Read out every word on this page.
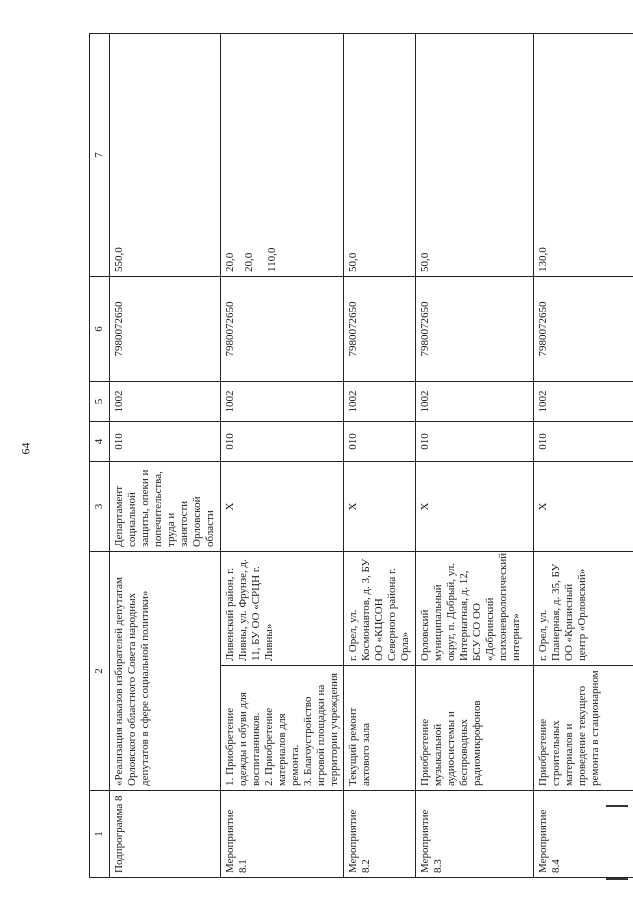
64
1	2		3	4	5	6	7
Подпрограмма 8	«Реализация наказов избирателей депутатам Орловского областного Совета народных депутатов в сфере социальной политики»		Департамент социальной защиты, опеки и попечительства, труда и занятости Орловской области	010	1002	7980072650	550,0
Мероприятие 8.1	1. Приобретение одежды и обуви для воспитанников. 2. Приобретение материалов для ремонта. 3. Благоустройство игровой площадки на территории учреждения	Ливенский район, г. Ливны, ул. Фрунзе, д. 11, БУ ОО «СРЦН г. Ливны»	Х	010	1002	7980072650	20,0 20,0 110,0

Мероприятие 8.2	Текущий ремонт актового зала	г. Орел, ул. Космонавтов, д. 3, БУ ОО «КЦСОН Северного района г. Орла»	Х	010	1002	7980072650	50,0

Мероприятие 8.3	Приобретение музыкальной аудиосистемы и беспроводных радиомикрофонов	Орловский муниципальный округ, п. Добрый, ул. Интернатная, д. 12, БСУ СО ОО «Добринский психоневрологический интернат»	Х	010	1002	7980072650	50,0

Мероприятие 8.4	Приобретение строительных материалов и проведение текущего ремонта в стационарном	г. Орел, ул. Планерная, д. 35, БУ ОО «Кризисный центр «Орловский»	Х	010	1002	7980072650	130,0
